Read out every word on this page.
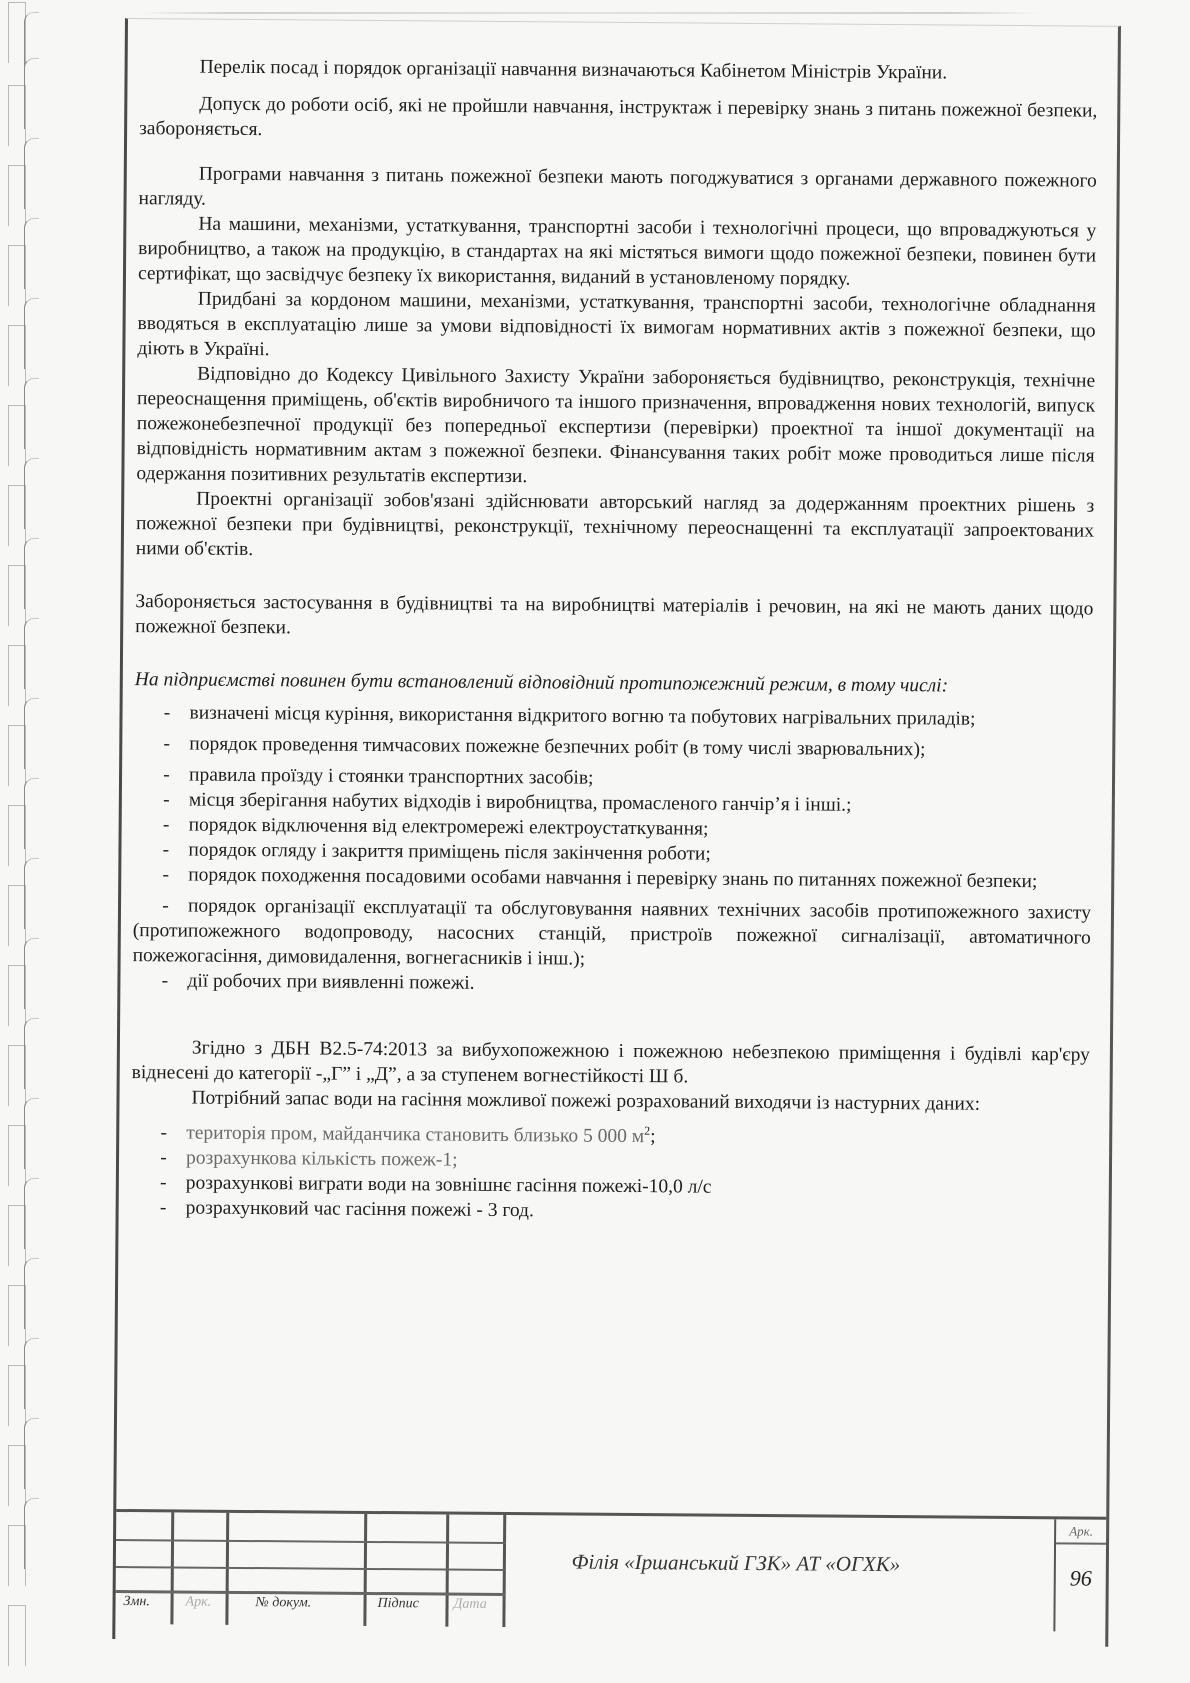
Перелік посад і порядок організації навчання визначаються Кабінетом Міністрів України.

Допуск до роботи осіб, які не пройшли навчання, інструктаж і перевірку знань з питань пожежної безпеки, забороняється.

Програми навчання з питань пожежної безпеки мають погоджуватися з органами державного пожежного нагляду.

На машини, механізми, устаткування, транспортні засоби і технологічні процеси, що впроваджуються у виробництво, а також на продукцію, в стандартах на які містяться вимоги щодо пожежної безпеки, повинен бути сертифікат, що засвідчує безпеку їх використання, виданий в установленому порядку.

Придбані за кордоном машини, механізми, устаткування, транспортні засоби, технологічне обладнання вводяться в експлуатацію лише за умови відповідності їх вимогам нормативних актів з пожежної безпеки, що діють в Україні.

Відповідно до Кодексу Цивільного Захисту України забороняється будівництво, реконструкція, технічне переоснащення приміщень, об'єктів виробничого та іншого призначення, впровадження нових технологій, випуск пожежонебезпечної продукції без попередньої експертизи (перевірки) проектної та іншої документації на відповідність нормативним актам з пожежної безпеки. Фінансування таких робіт може проводиться лише після одержання позитивних результатів експертизи.

Проектні організації зобов'язані здійснювати авторський нагляд за додержанням проектних рішень з пожежної безпеки при будівництві, реконструкції, технічному переоснащенні та експлуатації запроектованих ними об'єктів.

Забороняється застосування в будівництві та на виробництві матеріалів і речовин, на які не мають даних щодо пожежної безпеки.

На підприємстві повинен бути встановлений відповідний протипожежний режим, в тому числі:

- визначені місця куріння, використання відкритого вогню та побутових нагрівальних приладів;

- порядок проведення тимчасових пожежне безпечних робіт (в тому числі зварювальних);

- правила проїзду і стоянки транспортних засобів;

- місця зберігання набутих відходів і виробництва, промасленого ганчір’я і інші.;

- порядок відключення від електромережі електроустаткування;

- порядок огляду і закриття приміщень після закінчення роботи;

- порядок походження посадовими особами навчання і перевірку знань по питаннях пожежної безпеки;

- порядок організації експлуатації та обслуговування наявних технічних засобів протипожежного захисту (протипожежного водопроводу, насосних станцій, пристроїв пожежної сигналізації, автоматичного пожежогасіння, димовидалення, вогнегасників і інш.);

- дії робочих при виявленні пожежі.

Згідно з ДБН В2.5-74:2013 за вибухопожежною і пожежною небезпекою приміщення і будівлі кар'єру віднесені до категорії -„Г” і „Д”, а за ступенем вогнестійкості Ш б.

Потрібний запас води на гасіння можливої пожежі розрахований виходячи із настурних даних:

- територія пром, майданчика становить близько 5 000 $м^2$;

- розрахункова кількість пожеж-1;

- розрахункові виграти води на зовнішнє гасіння пожежі-10,0 л/с

- розрахунковий час гасіння пожежі - 3 год.

Змн.	Арк.	№ докум.	Підпис Дата
Філія «Іршанський ГЗК» АТ «ОГХК»
Арк.
96
